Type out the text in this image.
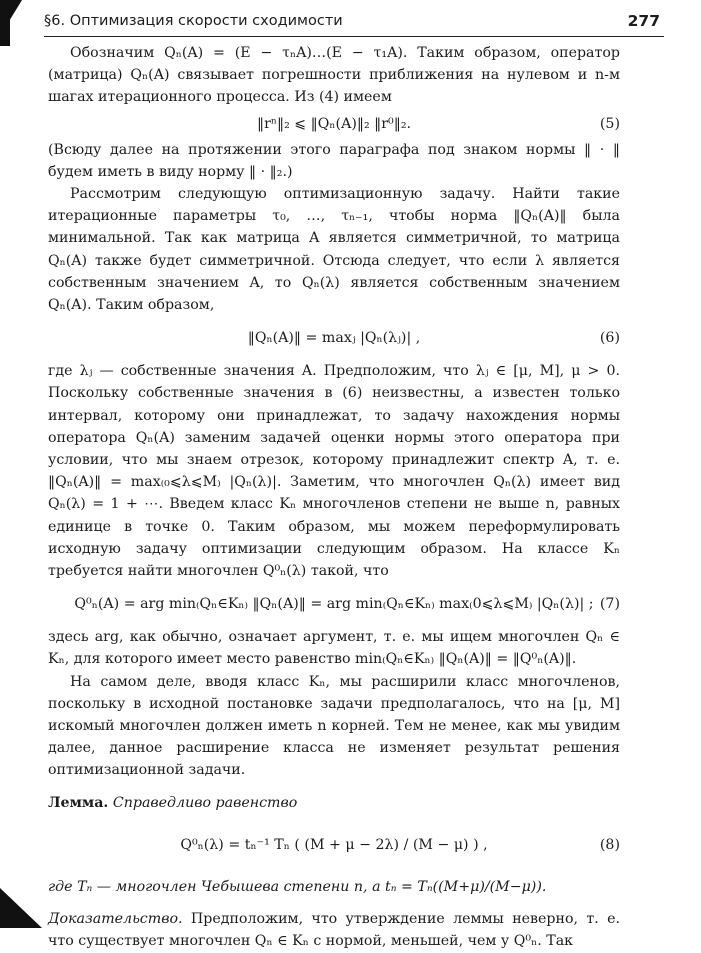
§6. Оптимизация скорости сходимости	277

Обозначим Qₙ(A) = (E − τₙA)…(E − τ₁A). Таким образом, оператор (матрица) Qₙ(A) связывает погрешности приближения на нулевом и n-м шагах итерационного процесса. Из (4) имеем

‖rⁿ‖₂ ⩽ ‖Qₙ(A)‖₂ ‖r⁰‖₂.	(5)

(Всюду далее на протяжении этого параграфа под знаком нормы ‖ · ‖ будем иметь в виду норму ‖ · ‖₂.)

Рассмотрим следующую оптимизационную задачу. Найти такие итерационные параметры τ₀, …, τₙ₋₁, чтобы норма ‖Qₙ(A)‖ была минимальной. Так как матрица A является симметричной, то матрица Qₙ(A) также будет симметричной. Отсюда следует, что если λ является собственным значением A, то Qₙ(λ) является собственным значением Qₙ(A). Таким образом,

‖Qₙ(A)‖ = maxⱼ |Qₙ(λⱼ)| ,	(6)

где λⱼ — собственные значения A. Предположим, что λⱼ ∈ [μ, M], μ > 0. Поскольку собственные значения в (6) неизвестны, а известен только интервал, которому они принадлежат, то задачу нахождения нормы оператора Qₙ(A) заменим задачей оценки нормы этого оператора при условии, что мы знаем отрезок, которому принадлежит спектр A, т. е. ‖Qₙ(A)‖ = max₍₀⩽λ⩽M₎ |Qₙ(λ)|. Заметим, что многочлен Qₙ(λ) имеет вид Qₙ(λ) = 1 + ⋯. Введем класс Kₙ многочленов степени не выше n, равных единице в точке 0. Таким образом, мы можем переформулировать исходную задачу оптимизации следующим образом. На классе Kₙ требуется найти многочлен Q⁰ₙ(λ) такой, что

Q⁰ₙ(A) = arg min₍Qₙ∈Kₙ₎ ‖Qₙ(A)‖ = arg min₍Qₙ∈Kₙ₎ max₍0⩽λ⩽M₎ |Qₙ(λ)| ; (7)

здесь arg, как обычно, означает аргумент, т. е. мы ищем многочлен Qₙ ∈ Kₙ, для которого имеет место равенство min₍Qₙ∈Kₙ₎ ‖Qₙ(A)‖ = ‖Q⁰ₙ(A)‖.

На самом деле, вводя класс Kₙ, мы расширили класс многочленов, поскольку в исходной постановке задачи предполагалось, что на [μ, M] искомый многочлен должен иметь n корней. Тем не менее, как мы увидим далее, данное расширение класса не изменяет результат решения оптимизационной задачи.

Лемма. Справедливо равенство

Q⁰ₙ(λ) = tₙ⁻¹ Tₙ ( (M + μ − 2λ) / (M − μ) ) ,	(8)

где Tₙ — многочлен Чебышева степени n, а tₙ = Tₙ((M+μ)/(M−μ)).

Доказательство. Предположим, что утверждение леммы неверно, т. е. что существует многочлен Qₙ ∈ Kₙ с нормой, меньшей, чем у Q⁰ₙ. Так
